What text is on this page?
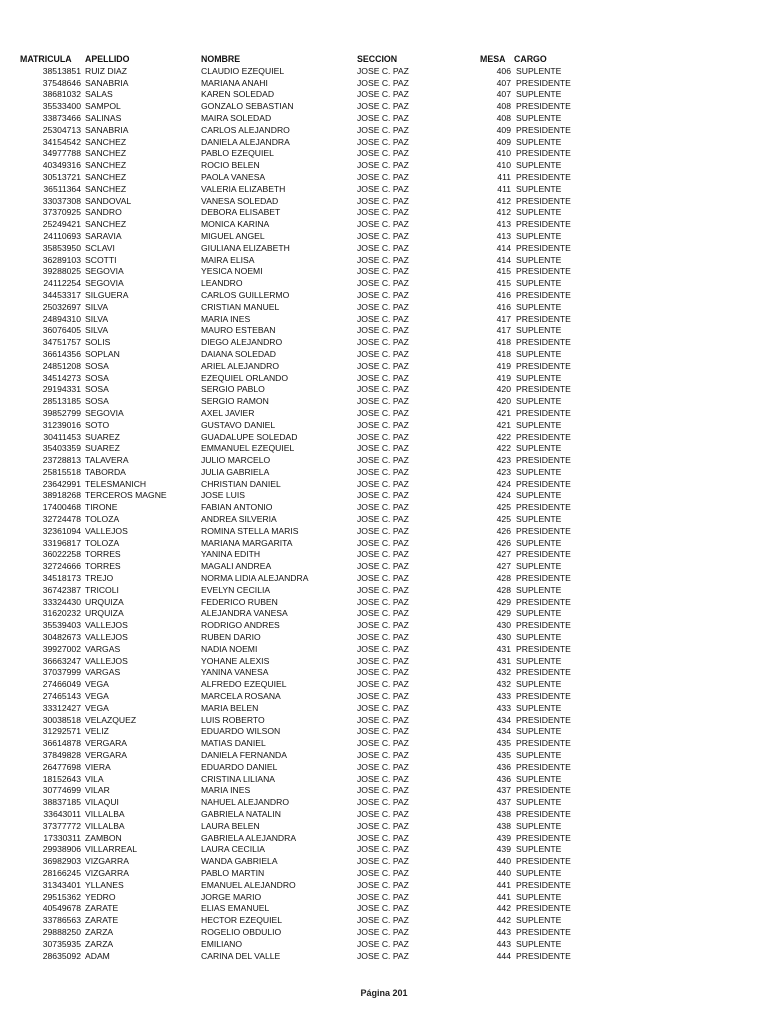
MATRICULA APELLIDO	NOMBRE	SECCION	MESA CARGO
38513851 RUIZ DIAZ	CLAUDIO EZEQUIEL	JOSE C. PAZ	406 SUPLENTE
37548646 SANABRIA	MARIANA ANAHI	JOSE C. PAZ	407 PRESIDENTE
38681032 SALAS	KAREN SOLEDAD	JOSE C. PAZ	407 SUPLENTE
35533400 SAMPOL	GONZALO SEBASTIAN	JOSE C. PAZ	408 PRESIDENTE
33873466 SALINAS	MAIRA SOLEDAD	JOSE C. PAZ	408 SUPLENTE
25304713 SANABRIA	CARLOS ALEJANDRO	JOSE C. PAZ	409 PRESIDENTE
34154542 SANCHEZ	DANIELA ALEJANDRA	JOSE C. PAZ	409 SUPLENTE
34977788 SANCHEZ	PABLO EZEQUIEL	JOSE C. PAZ	410 PRESIDENTE
40349316 SANCHEZ	ROCIO BELEN	JOSE C. PAZ	410 SUPLENTE
30513721 SANCHEZ	PAOLA VANESA	JOSE C. PAZ	411 PRESIDENTE
36511364 SANCHEZ	VALERIA ELIZABETH	JOSE C. PAZ	411 SUPLENTE
33037308 SANDOVAL	VANESA SOLEDAD	JOSE C. PAZ	412 PRESIDENTE
37370925 SANDRO	DEBORA ELISABET	JOSE C. PAZ	412 SUPLENTE
25249421 SANCHEZ	MONICA KARINA	JOSE C. PAZ	413 PRESIDENTE
24110693 SARAVIA	MIGUEL ANGEL	JOSE C. PAZ	413 SUPLENTE
35853950 SCLAVI	GIULIANA ELIZABETH	JOSE C. PAZ	414 PRESIDENTE
36289103 SCOTTI	MAIRA ELISA	JOSE C. PAZ	414 SUPLENTE
39288025 SEGOVIA	YESICA NOEMI	JOSE C. PAZ	415 PRESIDENTE
24112254 SEGOVIA	LEANDRO	JOSE C. PAZ	415 SUPLENTE
34453317 SILGUERA	CARLOS GUILLERMO	JOSE C. PAZ	416 PRESIDENTE
25032697 SILVA	CRISTIAN MANUEL	JOSE C. PAZ	416 SUPLENTE
24894310 SILVA	MARIA INES	JOSE C. PAZ	417 PRESIDENTE
36076405 SILVA	MAURO ESTEBAN	JOSE C. PAZ	417 SUPLENTE
34751757 SOLIS	DIEGO ALEJANDRO	JOSE C. PAZ	418 PRESIDENTE
36614356 SOPLAN	DAIANA SOLEDAD	JOSE C. PAZ	418 SUPLENTE
24851208 SOSA	ARIEL ALEJANDRO	JOSE C. PAZ	419 PRESIDENTE
34514273 SOSA	EZEQUIEL ORLANDO	JOSE C. PAZ	419 SUPLENTE
29194331 SOSA	SERGIO PABLO	JOSE C. PAZ	420 PRESIDENTE
28513185 SOSA	SERGIO RAMON	JOSE C. PAZ	420 SUPLENTE
39852799 SEGOVIA	AXEL JAVIER	JOSE C. PAZ	421 PRESIDENTE
31239016 SOTO	GUSTAVO DANIEL	JOSE C. PAZ	421 SUPLENTE
30411453 SUAREZ	GUADALUPE SOLEDAD	JOSE C. PAZ	422 PRESIDENTE
35403359 SUAREZ	EMMANUEL EZEQUIEL	JOSE C. PAZ	422 SUPLENTE
23728813 TALAVERA	JULIO MARCELO	JOSE C. PAZ	423 PRESIDENTE
25815518 TABORDA	JULIA GABRIELA	JOSE C. PAZ	423 SUPLENTE
23642991 TELESMANICH	CHRISTIAN DANIEL	JOSE C. PAZ	424 PRESIDENTE
38918268 TERCEROS MAGNE	JOSE LUIS	JOSE C. PAZ	424 SUPLENTE
17400468 TIRONE	FABIAN ANTONIO	JOSE C. PAZ	425 PRESIDENTE
32724478 TOLOZA	ANDREA SILVERIA	JOSE C. PAZ	425 SUPLENTE
32361094 VALLEJOS	ROMINA STELLA MARIS	JOSE C. PAZ	426 PRESIDENTE
33196817 TOLOZA	MARIANA MARGARITA	JOSE C. PAZ	426 SUPLENTE
36022258 TORRES	YANINA EDITH	JOSE C. PAZ	427 PRESIDENTE
32724666 TORRES	MAGALI ANDREA	JOSE C. PAZ	427 SUPLENTE
34518173 TREJO	NORMA LIDIA ALEJANDRA	JOSE C. PAZ	428 PRESIDENTE
36742387 TRICOLI	EVELYN CECILIA	JOSE C. PAZ	428 SUPLENTE
33324430 URQUIZA	FEDERICO RUBEN	JOSE C. PAZ	429 PRESIDENTE
31620232 URQUIZA	ALEJANDRA VANESA	JOSE C. PAZ	429 SUPLENTE
35539403 VALLEJOS	RODRIGO ANDRES	JOSE C. PAZ	430 PRESIDENTE
30482673 VALLEJOS	RUBEN DARIO	JOSE C. PAZ	430 SUPLENTE
39927002 VARGAS	NADIA NOEMI	JOSE C. PAZ	431 PRESIDENTE
36663247 VALLEJOS	YOHANE ALEXIS	JOSE C. PAZ	431 SUPLENTE
37037999 VARGAS	YANINA VANESA	JOSE C. PAZ	432 PRESIDENTE
27466049 VEGA	ALFREDO EZEQUIEL	JOSE C. PAZ	432 SUPLENTE
27465143 VEGA	MARCELA ROSANA	JOSE C. PAZ	433 PRESIDENTE
33312427 VEGA	MARIA BELEN	JOSE C. PAZ	433 SUPLENTE
30038518 VELAZQUEZ	LUIS ROBERTO	JOSE C. PAZ	434 PRESIDENTE
31292571 VELIZ	EDUARDO WILSON	JOSE C. PAZ	434 SUPLENTE
36614878 VERGARA	MATIAS DANIEL	JOSE C. PAZ	435 PRESIDENTE
37849828 VERGARA	DANIELA FERNANDA	JOSE C. PAZ	435 SUPLENTE
26477698 VIERA	EDUARDO DANIEL	JOSE C. PAZ	436 PRESIDENTE
18152643 VILA	CRISTINA LILIANA	JOSE C. PAZ	436 SUPLENTE
30774699 VILAR	MARIA INES	JOSE C. PAZ	437 PRESIDENTE
38837185 VILAQUI	NAHUEL ALEJANDRO	JOSE C. PAZ	437 SUPLENTE
33643011 VILLALBA	GABRIELA NATALIN	JOSE C. PAZ	438 PRESIDENTE
37377772 VILLALBA	LAURA BELEN	JOSE C. PAZ	438 SUPLENTE
17330311 ZAMBON	GABRIELA ALEJANDRA	JOSE C. PAZ	439 PRESIDENTE
29938906 VILLARREAL	LAURA CECILIA	JOSE C. PAZ	439 SUPLENTE
36982903 VIZGARRA	WANDA GABRIELA	JOSE C. PAZ	440 PRESIDENTE
28166245 VIZGARRA	PABLO MARTIN	JOSE C. PAZ	440 SUPLENTE
31343401 YLLANES	EMANUEL ALEJANDRO	JOSE C. PAZ	441 PRESIDENTE
29515362 YEDRO	JORGE MARIO	JOSE C. PAZ	441 SUPLENTE
40549678 ZARATE	ELIAS EMANUEL	JOSE C. PAZ	442 PRESIDENTE
33786563 ZARATE	HECTOR EZEQUIEL	JOSE C. PAZ	442 SUPLENTE
29888250 ZARZA	ROGELIO OBDULIO	JOSE C. PAZ	443 PRESIDENTE
30735935 ZARZA	EMILIANO	JOSE C. PAZ	443 SUPLENTE
28635092 ADAM	CARINA DEL VALLE	JOSE C. PAZ	444 PRESIDENTE
Página 201
